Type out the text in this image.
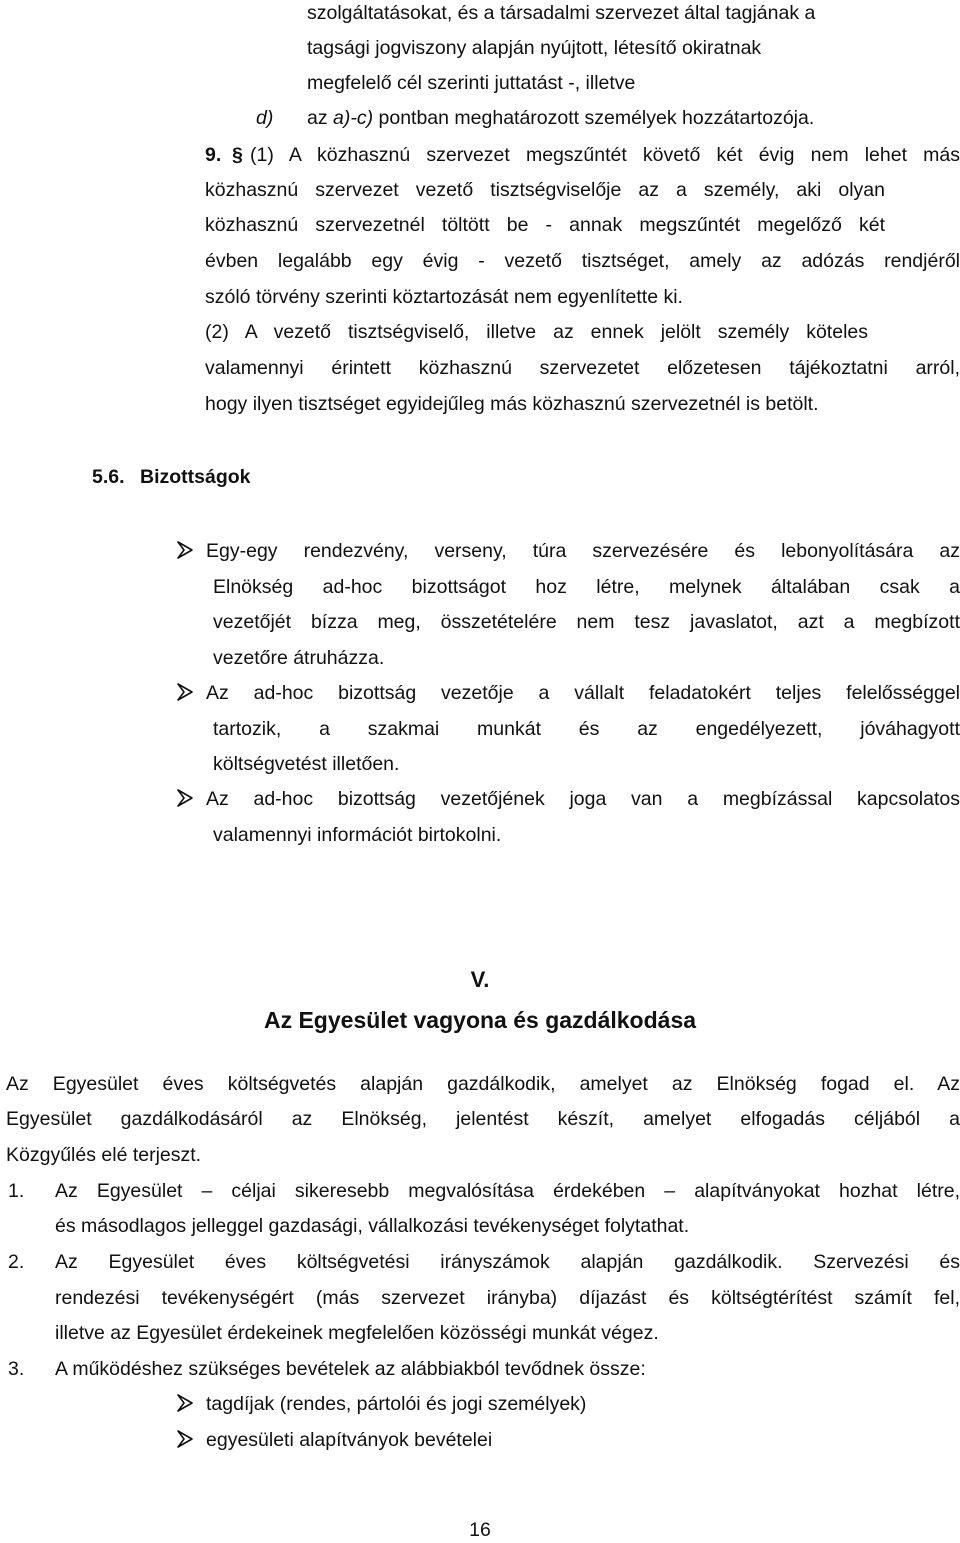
szolgáltatásokat, és a társadalmi szervezet által tagjának a
tagsági jogviszony alapján nyújtott, létesítő okiratnak
megfelelő cél szerinti juttatást -, illetve
d) az a)-c) pontban meghatározott személyek hozzátartozója.
9. § (1) A közhasznú szervezet megszűntét követő két évig nem lehet más
közhasznú szervezet vezető tisztségviselője az a személy, aki olyan
közhasznú szervezetnél töltött be - annak megszűntét megelőző két
évben legalább egy évig - vezető tisztséget, amely az adózás rendjéről
szóló törvény szerinti köztartozását nem egyenlítette ki.
(2) A vezető tisztségviselő, illetve az ennek jelölt személy köteles
valamennyi érintett közhasznú szervezetet előzetesen tájékoztatni arról,
hogy ilyen tisztséget egyidejűleg más közhasznú szervezetnél is betölt.
5.6. Bizottságok
Egy-egy rendezvény, verseny, túra szervezésére és lebonyolítására az
Elnökség ad-hoc bizottságot hoz létre, melynek általában csak a
vezetőjét bízza meg, összetételére nem tesz javaslatot, azt a megbízott
vezetőre átruházza.
Az ad-hoc bizottság vezetője a vállalt feladatokért teljes felelősséggel
tartozik, a szakmai munkát és az engedélyezett, jóváhagyott
költségvetést illetően.
Az ad-hoc bizottság vezetőjének joga van a megbízással kapcsolatos
valamennyi információt birtokolni.
V.
Az Egyesület vagyona és gazdálkodása
Az Egyesület éves költségvetés alapján gazdálkodik, amelyet az Elnökség fogad el. Az
Egyesület gazdálkodásáról az Elnökség, jelentést készít, amelyet elfogadás céljából a
Közgyűlés elé terjeszt.
1. Az Egyesület – céljai sikeresebb megvalósítása érdekében – alapítványokat hozhat létre,
és másodlagos jelleggel gazdasági, vállalkozási tevékenységet folytathat.
2. Az Egyesület éves költségvetési irányszámok alapján gazdálkodik. Szervezési és
rendezési tevékenységért (más szervezet irányba) díjazást és költségtérítést számít fel,
illetve az Egyesület érdekeinek megfelelően közösségi munkát végez.
3. A működéshez szükséges bevételek az alábbiakból tevődnek össze:
tagdíjak (rendes, pártolói és jogi személyek)
egyesületi alapítványok bevételei
16
